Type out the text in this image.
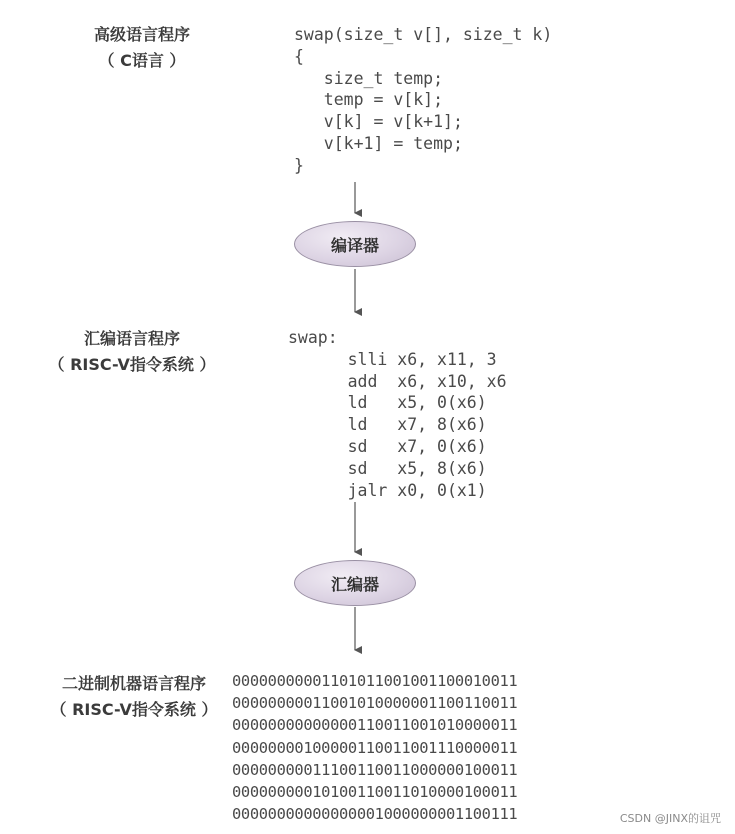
高级语言程序
（ C语言 ）
swap(size_t v[], size_t k)
{
size_t temp;
temp = v[k];
v[k] = v[k+1];
v[k+1] = temp;
}
编译器
汇编语言程序
（ RISC-V指令系统 ）
swap:
slli x6, x11, 3
add  x6, x10, x6
ld   x5, 0(x6)
ld   x7, 8(x6)
sd   x7, 0(x6)
sd   x5, 8(x6)
jalr x0, 0(x1)
汇编器
二进制机器语言程序
（ RISC-V指令系统 ）
00000000001101011001001100010011
00000000011001010000001100110011
00000000000000110011001010000011
00000000100000110011001110000011
00000000011100110011000000100011
00000000010100110011010000100011
00000000000000001000000001100111	CSDN @JINX的诅咒
